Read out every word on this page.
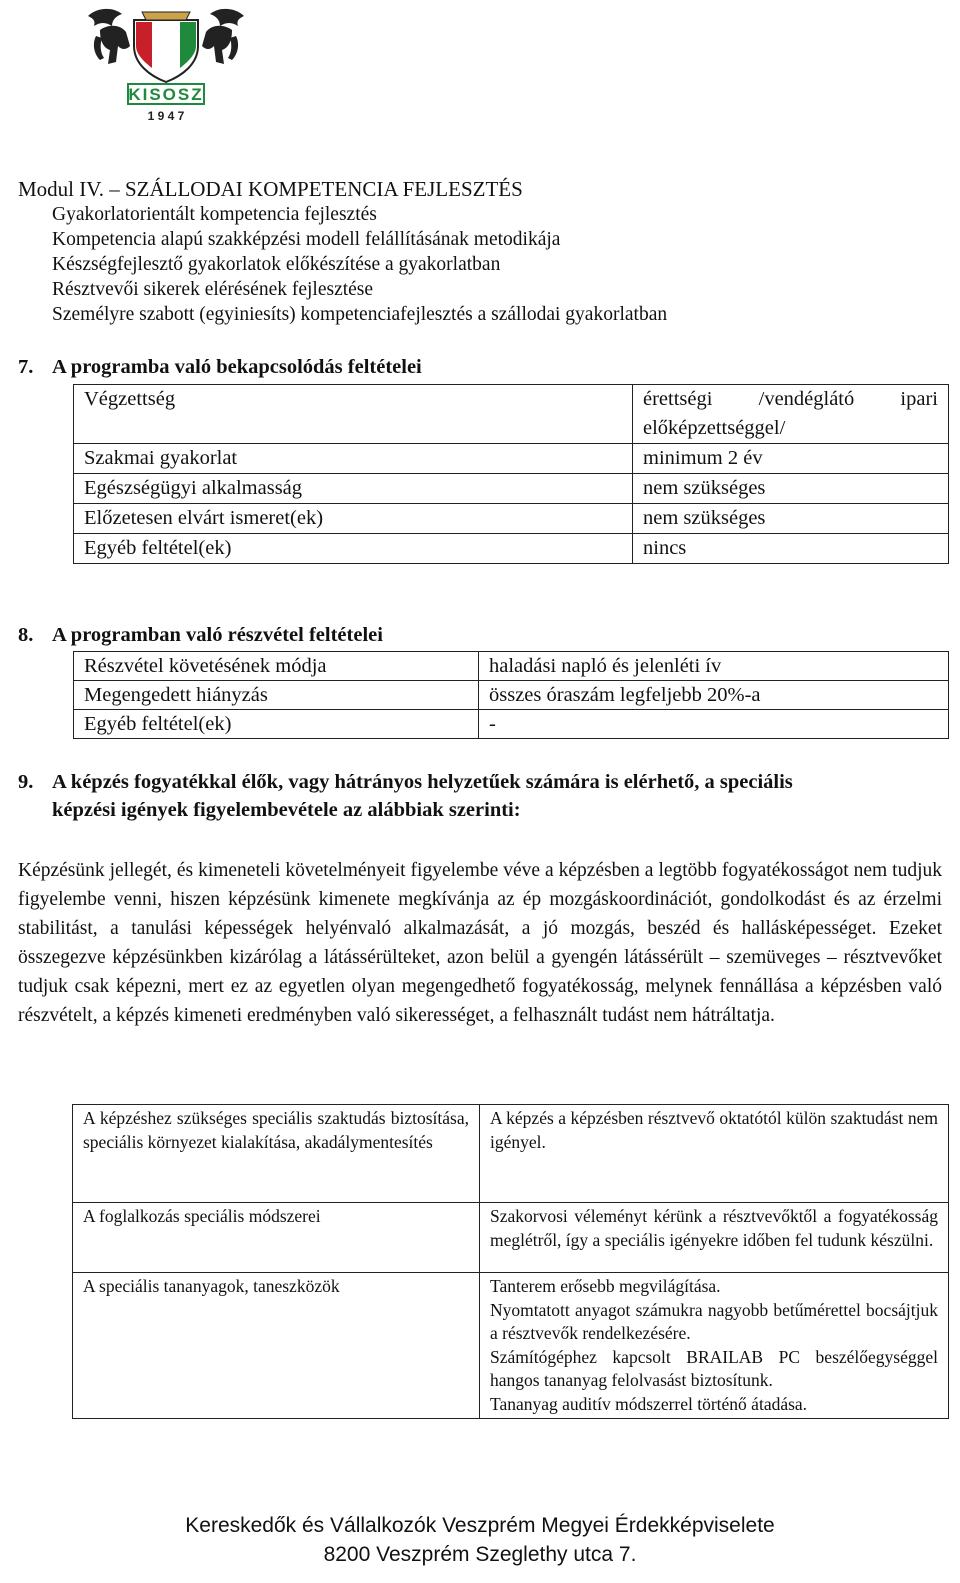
KISOSZ
1 9 4 7
Modul IV. – SZÁLLODAI KOMPETENCIA FEJLESZTÉS
Gyakorlatorientált kompetencia fejlesztés
Kompetencia alapú szakképzési modell felállításának metodikája
Készségfejlesztő gyakorlatok előkészítése a gyakorlatban
Résztvevői sikerek elérésének fejlesztése
Személyre szabott (egyiniesíts) kompetenciafejlesztés a szállodai gyakorlatban
7. A programba való bekapcsolódás feltételei
Végzettség	érettségi /vendéglátó ipari előképzettséggel/
Szakmai gyakorlat	minimum 2 év
Egészségügyi alkalmasság	nem szükséges
Előzetesen elvárt ismeret(ek)	nem szükséges
Egyéb feltétel(ek)	nincs
8. A programban való részvétel feltételei
Részvétel követésének módja	haladási napló és jelenléti ív
Megengedett hiányzás	összes óraszám legfeljebb 20%-a
Egyéb feltétel(ek)	-
9. A képzés fogyatékkal élők, vagy hátrányos helyzetűek számára is elérhető, a speciális
képzési igények figyelembevétele az alábbiak szerinti:
Képzésünk jellegét, és kimeneteli követelményeit figyelembe véve a képzésben a legtöbb fogyatékosságot nem tudjuk figyelembe venni, hiszen képzésünk kimenete megkívánja az ép mozgáskoordinációt, gondolkodást és az érzelmi stabilitást, a tanulási képességek helyénvaló alkalmazását, a jó mozgás, beszéd és hallásképességet. Ezeket összegezve képzésünkben kizárólag a látássérülteket, azon belül a gyengén látássérült – szemüveges – résztvevőket tudjuk csak képezni, mert ez az egyetlen olyan megengedhető fogyatékosság, melynek fennállása a képzésben való részvételt, a képzés kimeneti eredményben való sikerességet, a felhasznált tudást nem hátráltatja.
A képzéshez szükséges speciális szaktudás biztosítása, speciális környezet kialakítása, akadálymentesítés	A képzés a képzésben résztvevő oktatótól külön szaktudást nem igényel.

A foglalkozás speciális módszerei	Szakorvosi véleményt kérünk a résztvevőktől a fogyatékosság meglétről, így a speciális igényekre időben fel tudunk készülni.

A speciális tananyagok, taneszközök	Tanterem erősebb megvilágítása.
Nyomtatott anyagot számukra nagyobb betűmérettel bocsájtjuk a résztvevők rendelkezésére.
Számítógéphez kapcsolt BRAILAB PC beszélőegységgel hangos tananyag felolvasást biztosítunk.
Tananyag auditív módszerrel történő átadása.
Kereskedők és Vállalkozók Veszprém Megyei Érdekképviselete
8200 Veszprém Szeglethy utca 7.
